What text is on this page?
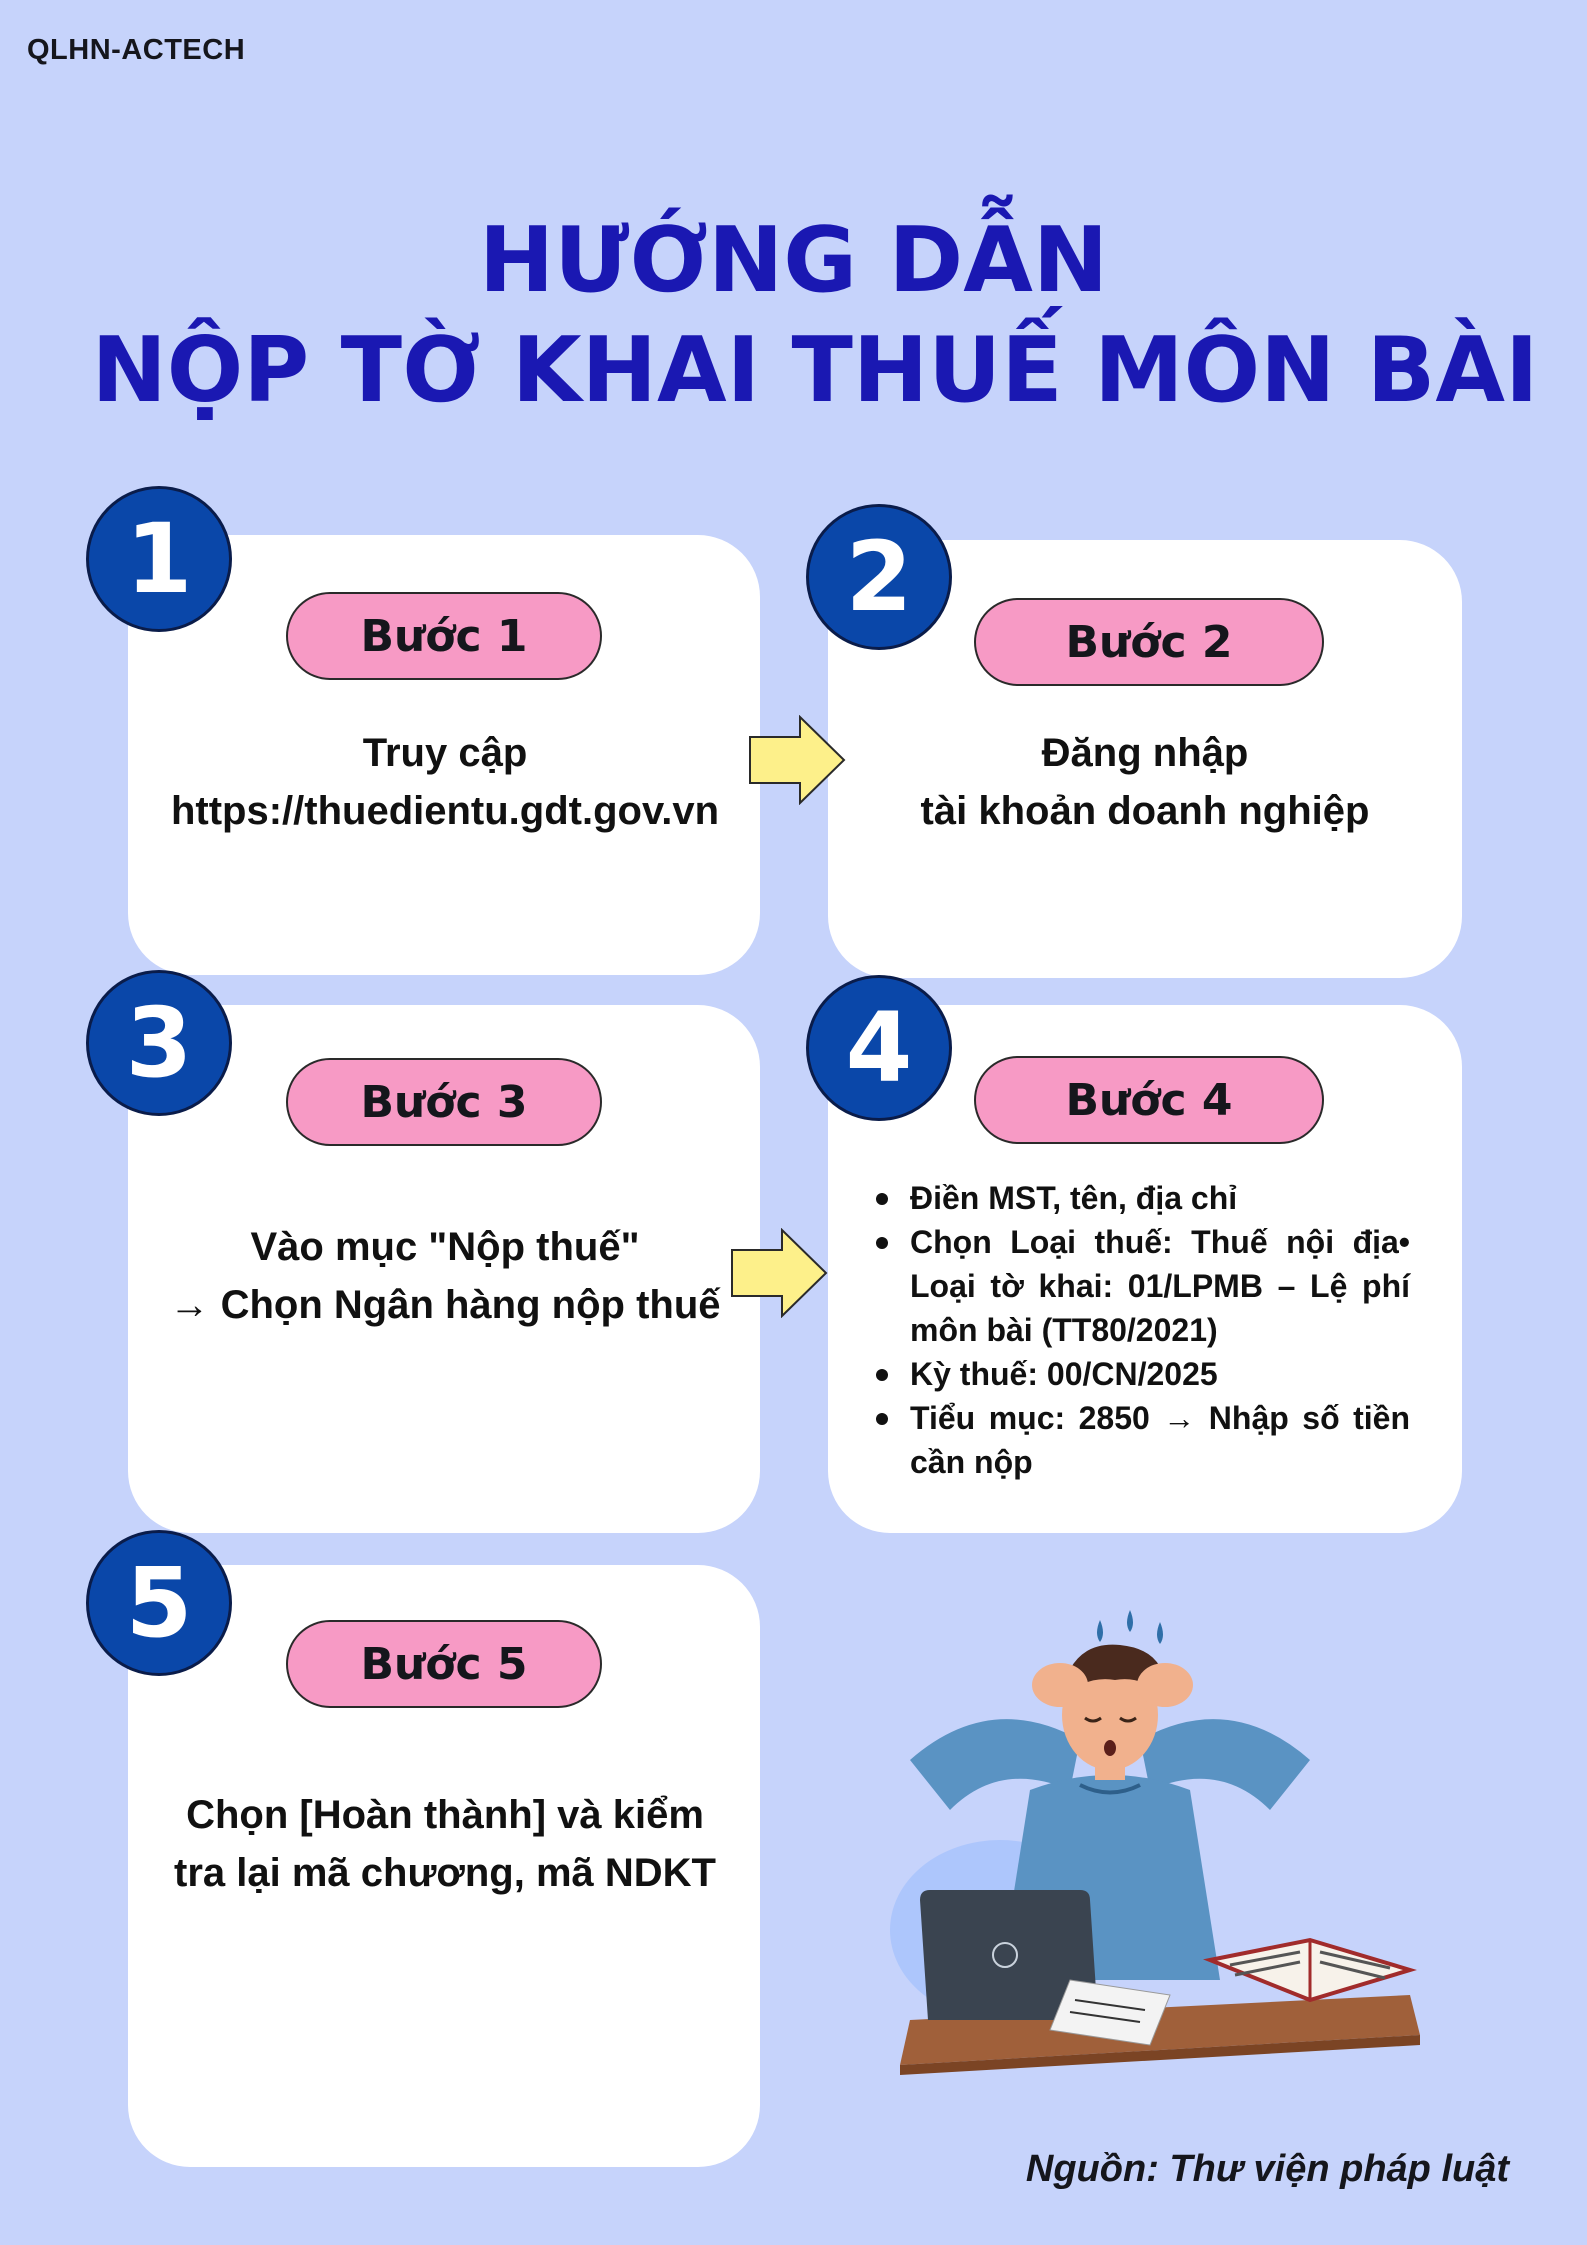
QLHN-ACTECH
HƯỚNG DẪN
NỘP TỜ KHAI THUẾ MÔN BÀI
1	2
3	4
5
Bước 1	Bước 2
Bước 3	Bước 4
Bước 5
Truy cập
https://thuedientu.gdt.gov.vn
Đăng nhập
tài khoản doanh nghiệp
Vào mục "Nộp thuế"
→ Chọn Ngân hàng nộp thuế
Điền MST, tên, địa chỉ
Chọn Loại thuế: Thuế nội địa• Loại tờ khai: 01/LPMB – Lệ phí môn bài (TT80/2021)
Kỳ thuế: 00/CN/2025
Tiểu mục: 2850 → Nhập số tiền cần nộp
Chọn [Hoàn thành] và kiểm
tra lại mã chương, mã NDKT
Nguồn: Thư viện pháp luật
